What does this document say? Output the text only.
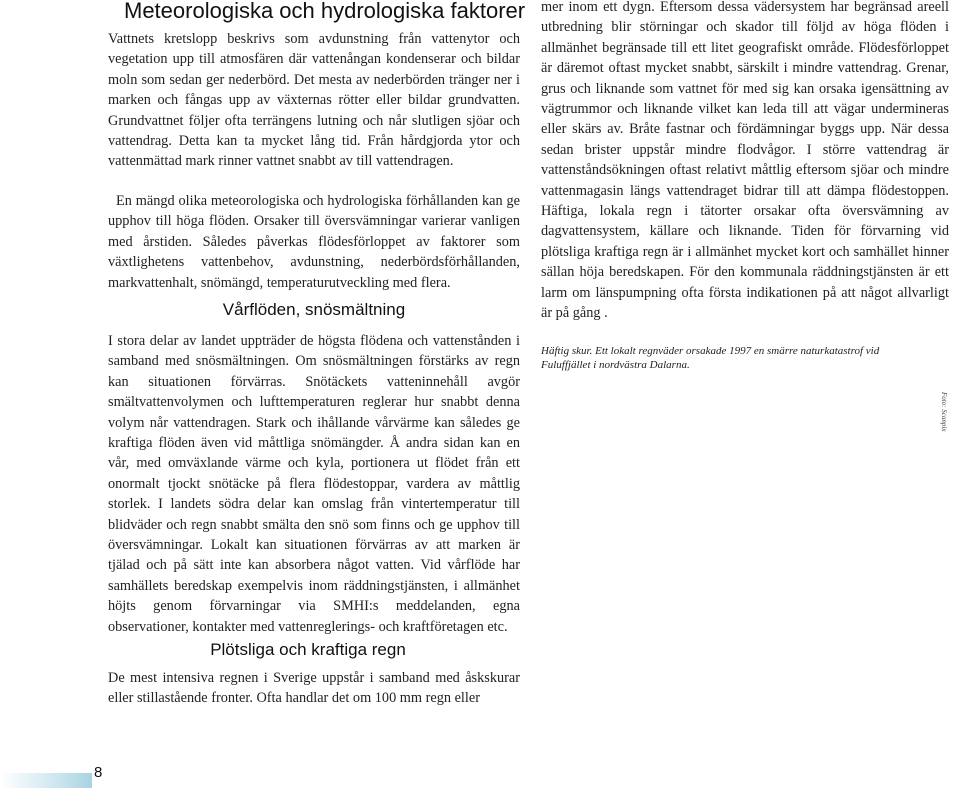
Meteorologiska och hydrologiska faktorer

Vattnets kretslopp beskrivs som avdunstning från vattenytor och vegetation upp till atmosfären där vattenångan kondenserar och bildar moln som sedan ger nederbörd. Det mesta av nederbörden tränger ner i marken och fångas upp av växternas rötter eller bildar grundvatten. Grundvattnet följer ofta terrängens lutning och når slutligen sjöar och vattendrag. Detta kan ta mycket lång tid. Från hårdgjorda ytor och vattenmättad mark rinner vattnet snabbt av till vattendragen.

En mängd olika meteorologiska och hydrologiska förhållanden kan ge upphov till höga flöden. Orsaker till översvämningar varierar vanligen med årstiden. Således påverkas flödesförloppet av faktorer som växtlighetens vattenbehov, avdunstning, nederbördsförhållanden, markvattenhalt, snömängd, temperaturutveckling med flera.

Vårflöden, snösmältning

I stora delar av landet uppträder de högsta flödena och vattenstånden i samband med snösmältningen. Om snösmältningen förstärks av regn kan situationen förvärras. Snötäckets vatteninnehåll avgör smältvattenvolymen och lufttemperaturen reglerar hur snabbt denna volym når vattendragen. Stark och ihållande vårvärme kan således ge kraftiga flöden även vid måttliga snömängder. Å andra sidan kan en vår, med omväxlande värme och kyla, portionera ut flödet från ett onormalt tjockt snötäcke på flera flödestoppar, vardera av måttlig storlek. I landets södra delar kan omslag från vintertemperatur till blidväder och regn snabbt smälta den snö som finns och ge upphov till översvämningar. Lokalt kan situationen förvärras av att marken är tjälad och på sätt inte kan absorbera något vatten. Vid vårflöde har samhällets beredskap exempelvis inom räddningstjänsten, i allmänhet höjts genom förvarningar via SMHI:s meddelanden, egna observationer, kontakter med vattenreglerings- och kraftföretagen etc.

Plötsliga och kraftiga regn

De mest intensiva regnen i Sverige uppstår i samband med åskskurar eller stillastående fronter. Ofta handlar det om 100 mm regn eller

mer inom ett dygn. Eftersom dessa vädersystem har begränsad areell utbredning blir störningar och skador till följd av höga flöden i allmänhet begränsade till ett litet geografiskt område. Flödesförloppet är däremot oftast mycket snabbt, särskilt i mindre vattendrag. Grenar, grus och liknande som vattnet för med sig kan orsaka igensättning av vägtrummor och liknande vilket kan leda till att vägar undermineras eller skärs av. Bråte fastnar och fördämningar byggs upp. När dessa sedan brister uppstår mindre flodvågor. I större vattendrag är vattenståndsökningen oftast relativt måttlig eftersom sjöar och mindre vattenmagasin längs vattendraget bidrar till att dämpa flödestoppen. Häftiga, lokala regn i tätorter orsakar ofta översvämning av dagvattensystem, källare och liknande. Tiden för förvarning vid plötsliga kraftiga regn är i allmänhet mycket kort och samhället hinner sällan höja beredskapen. För den kommunala räddningstjänsten är ett larm om länspumpning ofta första indikationen på att något allvarligt är på gång .

Häftig skur. Ett lokalt regnväder orsakade 1997 en smärre naturkatastrof vid Fuluffjället i nordvästra Dalarna.
Foto: Scanpix
8
